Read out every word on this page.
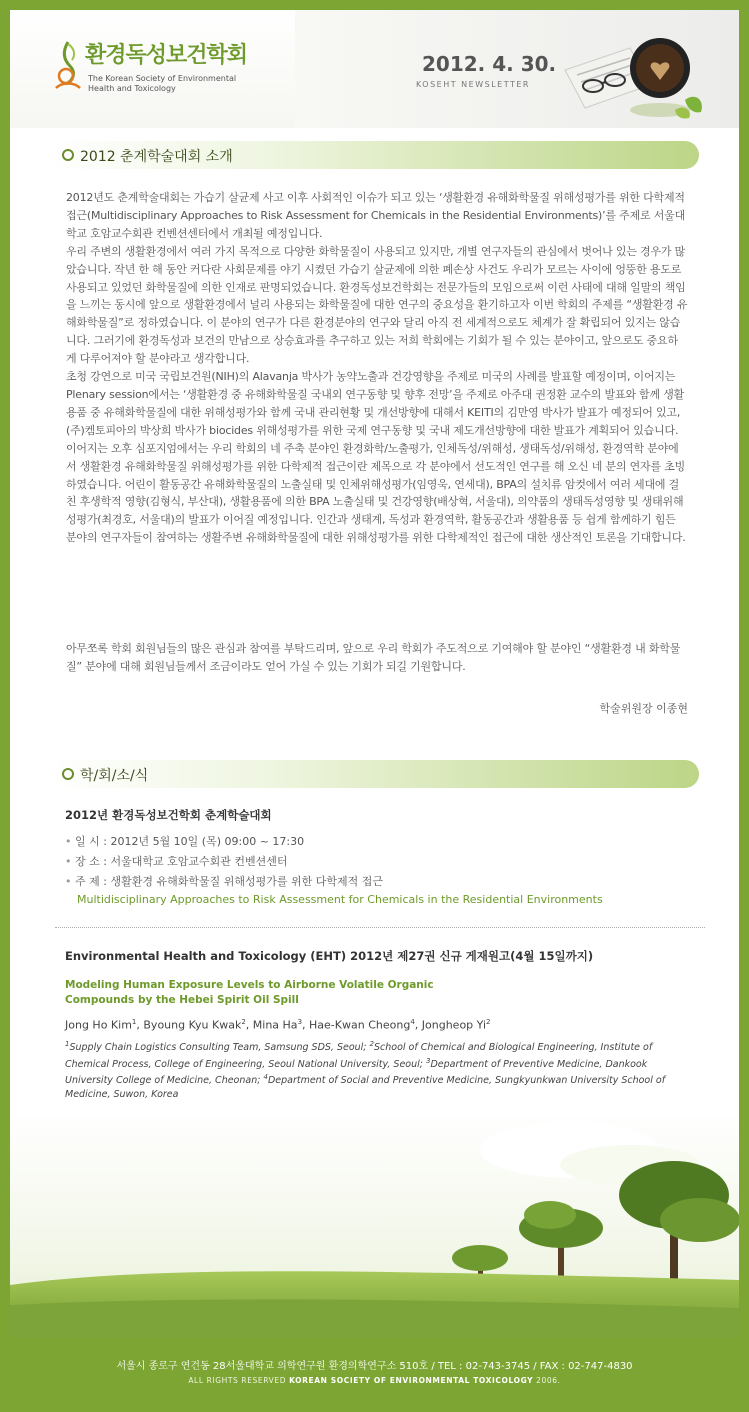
환경독성보건학회
The Korean Society of Environmental
Health and Toxicology
2012. 4. 30.
KOSEHT NEWSLETTER
2012 춘계학술대회 소개

2012년도 춘계학술대회는 가습기 살균제 사고 이후 사회적인 이슈가 되고 있는 ‘생활환경 유해화학물질 위해성평가를 위한 다학제적 접근(Multidisciplinary Approaches to Risk Assessment for Chemicals in the Residential Environments)’를 주제로 서울대학교 호암교수회관 컨벤션센터에서 개최될 예정입니다.

우리 주변의 생활환경에서 여러 가지 목적으로 다양한 화학물질이 사용되고 있지만, 개별 연구자들의 관심에서 벗어나 있는 경우가 많았습니다. 작년 한 해 동안 커다란 사회문제를 야기 시켰던 가습기 살균제에 의한 폐손상 사건도 우리가 모르는 사이에 엉뚱한 용도로 사용되고 있었던 화학물질에 의한 인재로 판명되었습니다. 환경독성보건학회는 전문가들의 모임으로써 이런 사태에 대해 일말의 책임을 느끼는 동시에 앞으로 생활환경에서 널리 사용되는 화학물질에 대한 연구의 중요성을 환기하고자 이번 학회의 주제를 “생활환경 유해화학물질”로 정하였습니다. 이 분야의 연구가 다른 환경분야의 연구와 달리 아직 전 세계적으로도 체계가 잘 확립되어 있지는 않습니다. 그러기에 환경독성과 보건의 만남으로 상승효과를 추구하고 있는 저희 학회에는 기회가 될 수 있는 분야이고, 앞으로도 중요하게 다루어져야 할 분야라고 생각합니다.

초청 강연으로 미국 국립보건원(NIH)의 Alavanja 박사가 농약노출과 건강영향을 주제로 미국의 사례를 발표할 예정이며, 이어지는 Plenary session에서는 ‘생활환경 중 유해화학물질 국내외 연구동향 및 향후 전망’을 주제로 아주대 권정환 교수의 발표와 함께 생활용품 중 유해화학물질에 대한 위해성평가와 함께 국내 관리현황 및 개선방향에 대해서 KEITI의 김만영 박사가 발표가 예정되어 있고, (주)켐토피아의 박상희 박사가 biocides 위해성평가를 위한 국제 연구동향 및 국내 제도개선방향에 대한 발표가 계획되어 있습니다.

이어지는 오후 심포지엄에서는 우리 학회의 네 주축 분야인 환경화학/노출평가, 인체독성/위해성, 생태독성/위해성, 환경역학 분야에서 생활환경 유해화학물질 위해성평가를 위한 다학제적 접근이란 제목으로 각 분야에서 선도적인 연구를 해 오신 네 분의 연자를 초빙하였습니다. 어린이 활동공간 유해화학물질의 노출실태 및 인체위해성평가(임영욱, 연세대), BPA의 설치류 암컷에서 여러 세대에 걸친 후생학적 영향(김형식, 부산대), 생활용품에 의한 BPA 노출실태 및 건강영향(배상혁, 서울대), 의약품의 생태독성영향 및 생태위해성평가(최경호, 서울대)의 발표가 이어질 예정입니다. 인간과 생태계, 독성과 환경역학, 활동공간과 생활용품 등 쉽게 함께하기 힘든 분야의 연구자들이 참여하는 생활주변 유해화학물질에 대한 위해성평가를 위한 다학제적인 접근에 대한 생산적인 토론을 기대합니다.

아무쪼록 학회 회원님들의 많은 관심과 참여를 부탁드리며, 앞으로 우리 학회가 주도적으로 기여해야 할 분야인 “생활환경 내 화학물질” 분야에 대해 회원님들께서 조금이라도 얻어 가실 수 있는 기회가 되길 기원합니다.

학술위원장 이종현
학/회/소/식
2012년 환경독성보건학회 춘계학술대회
• 일 시 : 2012년 5월 10일 (목) 09:00 ~ 17:30
• 장 소 : 서울대학교 호암교수회관 컨벤션센터
• 주 제 : 생활환경 유해화학물질 위해성평가를 위한 다학제적 접근
Multidisciplinary Approaches to Risk Assessment for Chemicals in the Residential Environments
Environmental Health and Toxicology (EHT) 2012년 제27권 신규 게재원고(4월 15일까지)
Modeling Human Exposure Levels to Airborne Volatile Organic
Compounds by the Hebei Spirit Oil Spill
Jong Ho Kim$^1$, Byoung Kyu Kwak$^2$, Mina Ha$^3$, Hae-Kwan Cheong$^4$, Jongheop Yi$^2$
$^1$Supply Chain Logistics Consulting Team, Samsung SDS, Seoul; $^2$School of Chemical and Biological Engineering, Institute of Chemical Process, College of Engineering, Seoul National University, Seoul; $^3$Department of Preventive Medicine, Dankook University College of Medicine, Cheonan; $^4$Department of Social and Preventive Medicine, Sungkyunkwan University School of Medicine, Suwon, Korea
서울시 종로구 연건동 28서울대학교 의학연구원 환경의학연구소 510호 / TEL : 02-743-3745 / FAX : 02-747-4830
ALL RIGHTS RESERVED KOREAN SOCIETY OF ENVIRONMENTAL TOXICOLOGY 2006.
